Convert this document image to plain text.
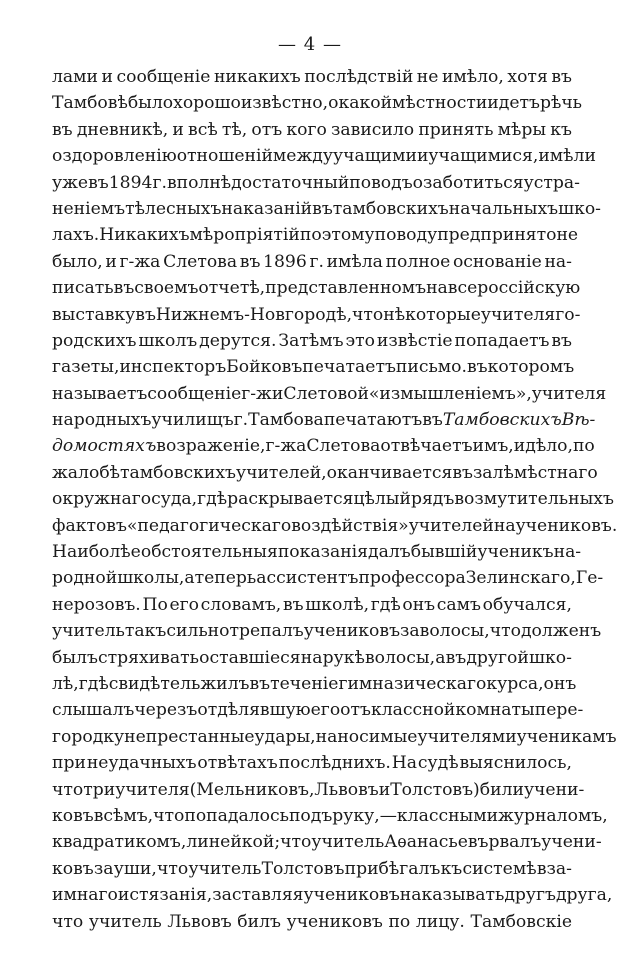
— 4 —
лами и сообщеніе никакихъ послѣдствій не имѣло, хотя въ
Тамбовѣ было хорошо извѣстно, о какой мѣстности идетъ рѣчь
въ дневникѣ, и всѣ тѣ, отъ кого зависило принять мѣры къ
оздоровленію отношеній между учащими и учащимися, имѣли
уже въ 1894 г. вполнѣ достаточный поводъ озаботиться устра-
неніемъ тѣлесныхъ наказаній въ тамбовскихъ начальныхъ шко-
лахъ. Никакихъ мѣропріятій по этому поводу предпринято не
было, и г-жа Слетова въ 1896 г. имѣла полное основаніе на-
писать въ своемъ отчетѣ, представленномъ на всероссійскую
выставку въ Нижнемъ-Новгородѣ, что нѣкоторые учителя го-
родскихъ школъ дерутся. Затѣмъ это извѣстіе попадаетъ въ
газеты, инспекторъ Бойковъ печатаетъ письмо. въ которомъ
называетъ сообщеніе г-жи Слетовой «измышленіемъ», учителя
народныхъ училищъ г. Тамбова печатаютъ въ Тамбовскихъ Вѣ-
домостяхъ возраженіе, г-жа Слетова отвѣчаетъ имъ, и дѣло, по
жалобѣ тамбовскихъ учителей, оканчивается въ залѣ мѣстнаго
окружнаго суда, гдѣ раскрывается цѣлый рядъ возмутительныхъ
фактовъ «педагогическаго воздѣйствія» учителей на учениковъ.
Наиболѣе обстоятельныя показанія далъ бывшій ученикъ на-
родной школы, а теперь ассистентъ профессора Зелинскаго, Ге-
нерозовъ. По его словамъ, въ школѣ, гдѣ онъ самъ обучался,
учитель такъ сильно трепалъ учениковъ за волосы, что долженъ
былъ стряхивать оставшіеся на рукѣ волосы, а въ другой шко-
лѣ, гдѣ свидѣтель жилъ въ теченіе гимназическаго курса, онъ
слышалъ черезъ отдѣлявшую его отъ классной комнаты пере-
городку непрестанные удары, наносимые учителями ученикамъ
при неудачныхъ отвѣтахъ послѣднихъ. На судѣ выяснилось,
что три учителя (Мельниковъ, Львовъ и Толстовъ) били учени-
ковъ всѣмъ, что попадалось подъ руку,—классными журналомъ,
квадратикомъ, линейкой; что учитель Аѳанасьевъ рвалъ учени-
ковъ за уши, что учитель Толстовъ прибѣгалъ къ системѣ вза-
имнаго истязанія, заставляя учениковъ наказывать другъ друга,
что учитель Львовъ билъ учениковъ по лицу. Тамбовскіе
